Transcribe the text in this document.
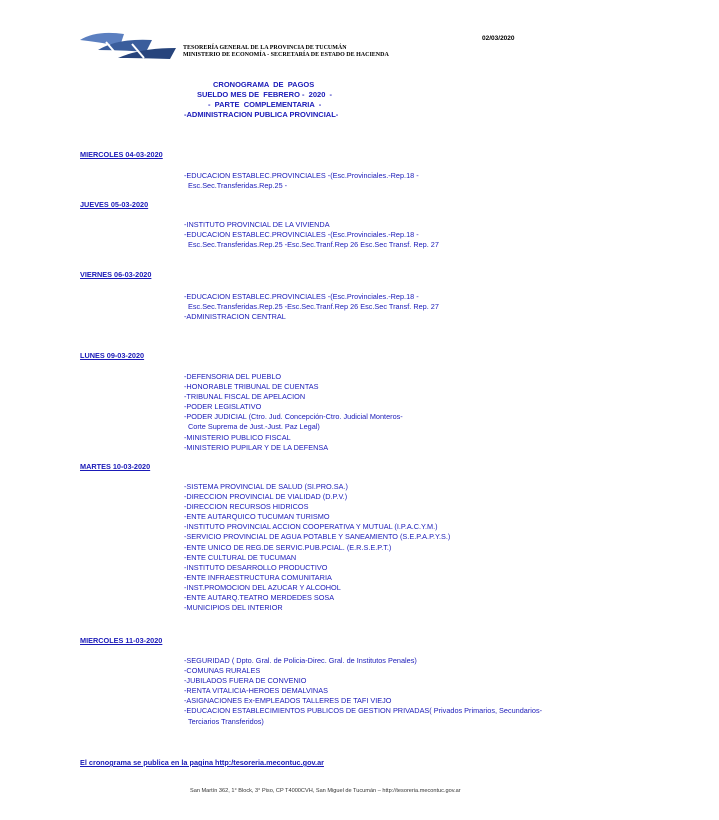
TESORERÍA GENERAL DE LA PROVINCIA DE TUCUMÁN
MINISTERIO DE ECONOMÍA - SECRETARÍA DE ESTADO DE HACIENDA
02/03/2020
CRONOGRAMA  DE  PAGOS
SUELDO MES DE  FEBRERO -  2020  -
-  PARTE  COMPLEMENTARIA  -
-ADMINISTRACION PUBLICA PROVINCIAL-
MIERCOLES 04-03-2020
-EDUCACION ESTABLEC.PROVINCIALES -(Esc.Provinciales.-Rep.18 -
Esc.Sec.Transferidas.Rep.25 -
JUEVES 05-03-2020
-INSTITUTO PROVINCIAL DE LA VIVIENDA
-EDUCACION ESTABLEC.PROVINCIALES -(Esc.Provinciales.-Rep.18 -
Esc.Sec.Transferidas.Rep.25 -Esc.Sec.Tranf.Rep 26 Esc.Sec Transf. Rep. 27
VIERNES 06-03-2020
-EDUCACION ESTABLEC.PROVINCIALES -(Esc.Provinciales.-Rep.18 -
Esc.Sec.Transferidas.Rep.25 -Esc.Sec.Tranf.Rep 26 Esc.Sec Transf. Rep. 27
-ADMINISTRACION CENTRAL
LUNES 09-03-2020
-DEFENSORIA DEL PUEBLO
-HONORABLE TRIBUNAL DE CUENTAS
-TRIBUNAL FISCAL DE APELACION
-PODER LEGISLATIVO
-PODER JUDICIAL (Ctro. Jud. Concepción-Ctro. Judicial Monteros-
Corte Suprema de Just.-Just. Paz Legal)
-MINISTERIO PUBLICO FISCAL
-MINISTERIO PUPILAR Y DE LA DEFENSA
MARTES 10-03-2020
-SISTEMA PROVINCIAL DE SALUD (SI.PRO.SA.)
-DIRECCION PROVINCIAL DE VIALIDAD (D.P.V.)
-DIRECCION RECURSOS HIDRICOS
-ENTE AUTARQUICO TUCUMAN TURISMO
-INSTITUTO PROVINCIAL ACCION COOPERATIVA Y MUTUAL (I.P.A.C.Y.M.)
-SERVICIO PROVINCIAL DE AGUA POTABLE Y SANEAMIENTO (S.E.P.A.P.Y.S.)
-ENTE UNICO DE REG.DE SERVIC.PUB.PCIAL. (E.R.S.E.P.T.)
-ENTE CULTURAL DE TUCUMAN
-INSTITUTO DESARROLLO PRODUCTIVO
-ENTE INFRAESTRUCTURA COMUNITARIA
-INST.PROMOCION DEL AZUCAR Y ALCOHOL
-ENTE AUTARQ.TEATRO MERDEDES SOSA
-MUNICIPIOS DEL INTERIOR
MIERCOLES 11-03-2020
-SEGURIDAD ( Dpto. Gral. de Policia-Direc. Gral. de Institutos Penales)
-COMUNAS RURALES
-JUBILADOS FUERA DE CONVENIO
-RENTA VITALICIA-HEROES DEMALVINAS
-ASIGNACIONES Ex-EMPLEADOS TALLERES DE TAFI VIEJO
-EDUCACION ESTABLECIMIENTOS PUBLICOS DE GESTION PRIVADAS( Privados Primarios, Secundarios-
Terciarios Transferidos)
El cronograma se publica en la pagina http:/tesoreria.mecontuc.gov.ar
San Martín 362, 1° Block, 3° Piso, CP T4000CVH, San Miguel de Tucumán – http://tesoreria.mecontuc.gov.ar
